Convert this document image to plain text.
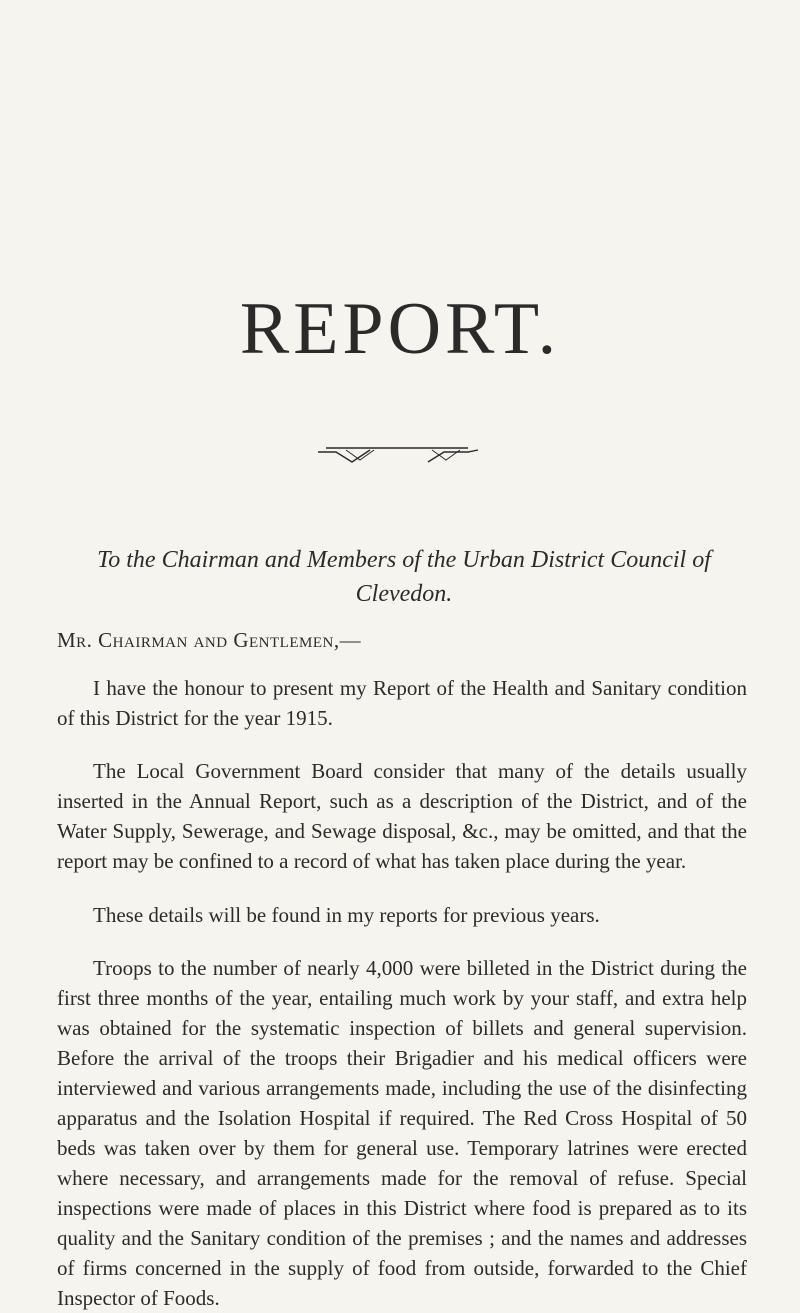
REPORT.
To the Chairman and Members of the Urban District Council of Clevedon.
Mr. Chairman and Gentlemen,—

I have the honour to present my Report of the Health and Sanitary condition of this District for the year 1915.

The Local Government Board consider that many of the details usually inserted in the Annual Report, such as a description of the District, and of the Water Supply, Sewerage, and Sewage disposal, &c., may be omitted, and that the report may be confined to a record of what has taken place during the year.

These details will be found in my reports for previous years.

Troops to the number of nearly 4,000 were billeted in the District during the first three months of the year, entailing much work by your staff, and extra help was obtained for the systematic inspection of billets and general supervision. Before the arrival of the troops their Brigadier and his medical officers were interviewed and various arrangements made, including the use of the disinfecting apparatus and the Isolation Hospital if required. The Red Cross Hospital of 50 beds was taken over by them for general use. Temporary latrines were erected where necessary, and arrangements made for the removal of refuse. Special inspections were made of places in this District where food is prepared as to its quality and the Sanitary condition of the premises ; and the names and addresses of firms concerned in the supply of food from outside, forwarded to the Chief Inspector of Foods.
